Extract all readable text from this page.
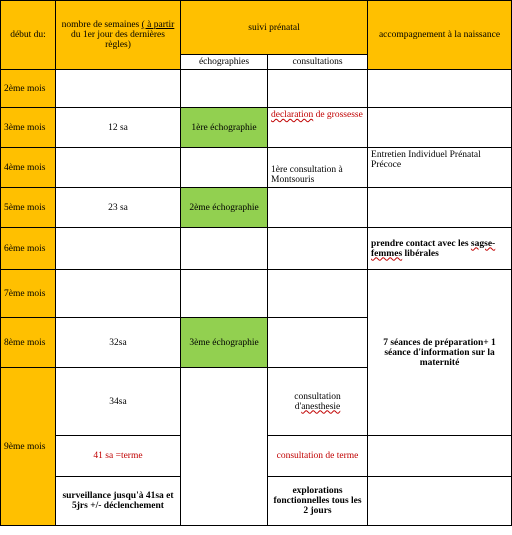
début du:	nombre de semaines ( à partir du 1er jour des dernières règles)	suivi prénatal		accompagnement à la naissance
		échographies	consultations	
2ème mois				
3ème mois	12 sa	1ère échographie	declaration de grossesse	
4ème mois			1ère consultation à Montsouris	Entretien Individuel Prénatal Précoce
5ème mois	23 sa	2ème échographie		
6ème mois				prendre contact avec les sagse-femmes libérales
7ème mois				7 séances de préparation+ 1 séance d'information sur la maternité
8ème mois	32sa	3ème échographie		
9ème mois	34sa		consultation d'anesthesie	
	41 sa =terme		consultation de terme	
	surveillance jusqu'à 41sa et 5jrs +/- déclenchement		explorations fonctionnelles tous les 2 jours	
